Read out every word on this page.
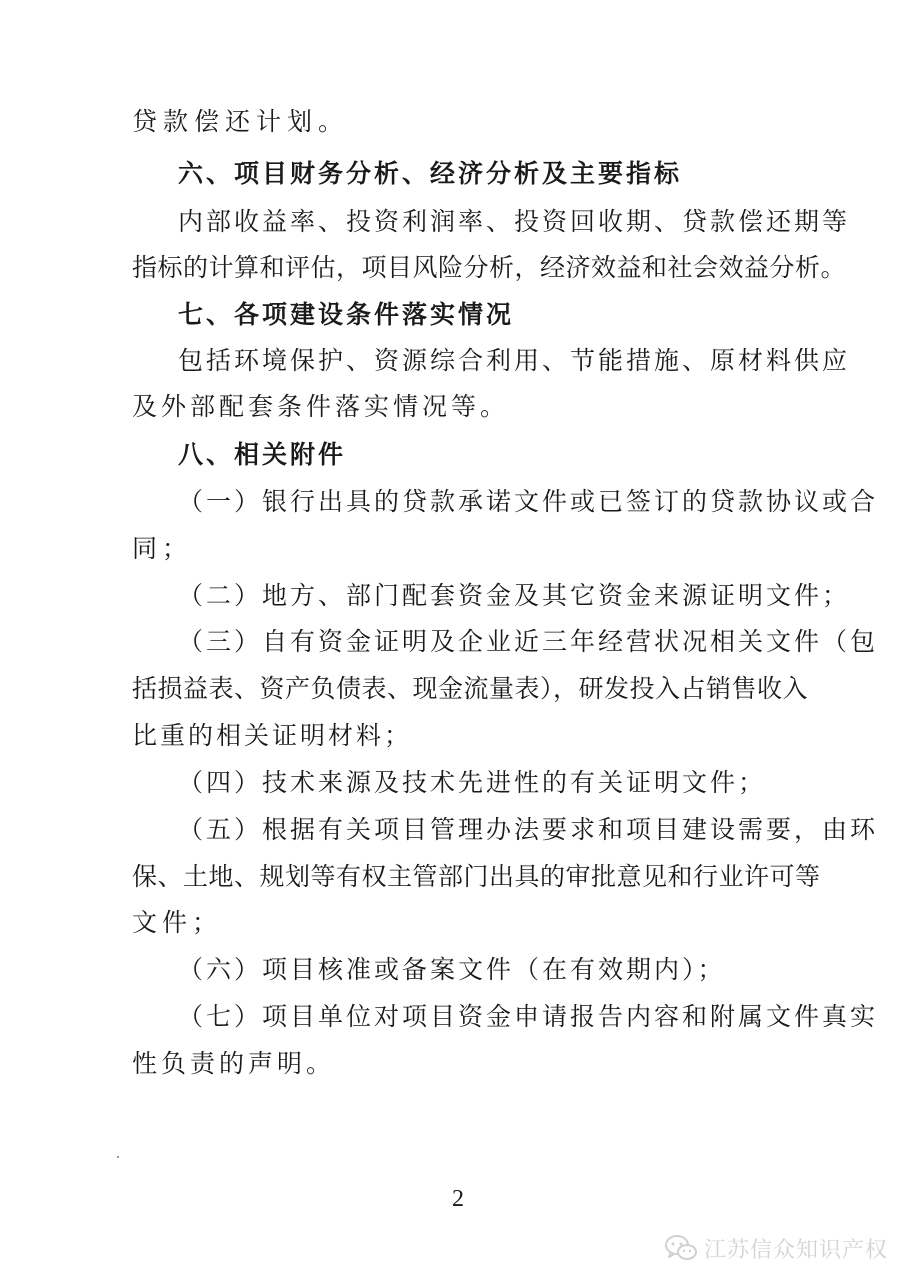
贷款偿还计划。
六、项目财务分析、经济分析及主要指标
内部收益率、投资利润率、投资回收期、贷款偿还期等
指标的计算和评估，项目风险分析，经济效益和社会效益分析。
七、各项建设条件落实情况
包括环境保护、资源综合利用、节能措施、原材料供应
及外部配套条件落实情况等。
八、相关附件
（一）银行出具的贷款承诺文件或已签订的贷款协议或合
同；
（二）地方、部门配套资金及其它资金来源证明文件；
（三）自有资金证明及企业近三年经营状况相关文件（包
括损益表、资产负债表、现金流量表），研发投入占销售收入
比重的相关证明材料；
（四）技术来源及技术先进性的有关证明文件；
（五）根据有关项目管理办法要求和项目建设需要，由环
保、土地、规划等有权主管部门出具的审批意见和行业许可等
文件；
（六）项目核准或备案文件（在有效期内）；
（七）项目单位对项目资金申请报告内容和附属文件真实
性负责的声明。
2
江苏信众知识产权
